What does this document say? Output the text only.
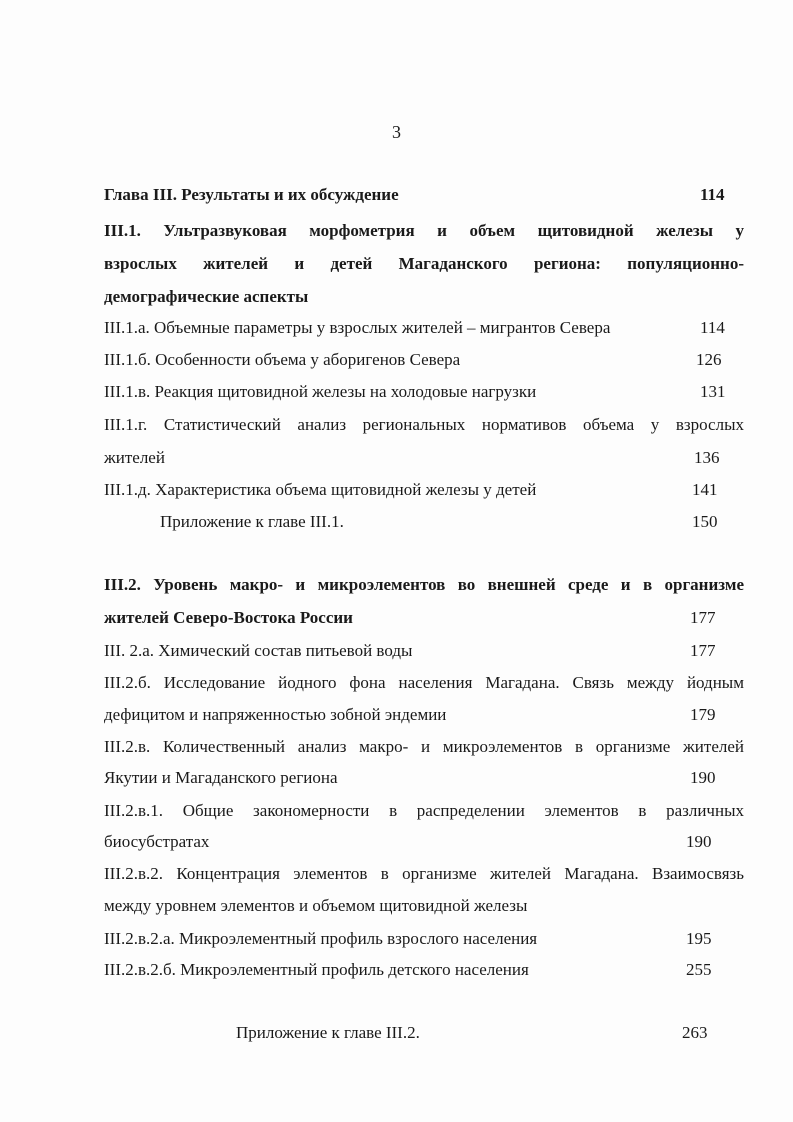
3
Глава III. Результаты и их обсуждение	114
III.1. Ультразвуковая морфометрия и объем щитовидной железы у
взрослых жителей и детей Магаданского региона: популяционно-
демографические аспекты
III.1.а. Объемные параметры у взрослых жителей – мигрантов Севера	114
III.1.б. Особенности объема у аборигенов Севера	126
III.1.в. Реакция щитовидной железы на холодовые нагрузки	131
III.1.г. Статистический анализ региональных нормативов объема у взрослых
жителей	136
III.1.д. Характеристика объема щитовидной железы у детей	141
Приложение к главе III.1.	150
III.2. Уровень макро- и микроэлементов во внешней среде и в организме
жителей Северо-Востока России	177
III. 2.а. Химический состав питьевой воды	177
III.2.б. Исследование йодного фона населения Магадана. Связь между йодным
дефицитом и напряженностью зобной эндемии	179
III.2.в. Количественный анализ макро- и микроэлементов в организме жителей
Якутии и Магаданского региона	190
III.2.в.1. Общие закономерности в распределении элементов в различных
биосубстратах	190
III.2.в.2. Концентрация элементов в организме жителей Магадана. Взаимосвязь
между уровнем элементов и объемом щитовидной железы
III.2.в.2.а. Микроэлементный профиль взрослого населения	195
III.2.в.2.б. Микроэлементный профиль детского населения	255
Приложение к главе III.2.	263
